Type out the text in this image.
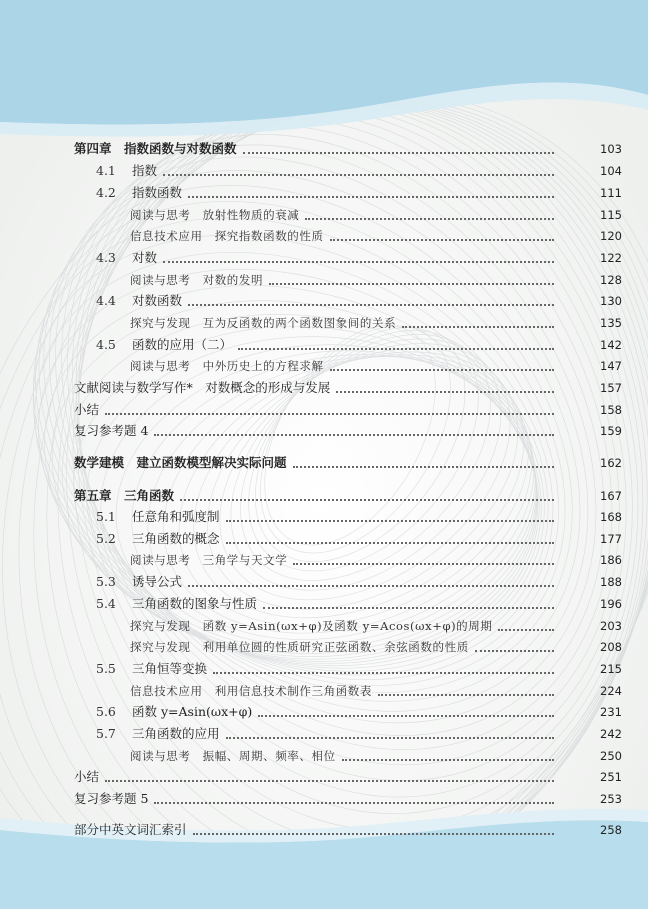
第四章　指数函数与对数函数	103
4.1	指数	104
4.2	指数函数	111
阅读与思考　放射性物质的衰减	115
信息技术应用　探究指数函数的性质	120
4.3	对数	122
阅读与思考　对数的发明	128
4.4	对数函数	130
探究与发现　互为反函数的两个函数图象间的关系	135
4.5	函数的应用（二）	142
阅读与思考　中外历史上的方程求解	147
文献阅读与数学写作*　对数概念的形成与发展	157
小结	158
复习参考题 4	159
数学建模　建立函数模型解决实际问题	162
第五章　三角函数	167
5.1	任意角和弧度制	168
5.2	三角函数的概念	177
阅读与思考　三角学与天文学	186
5.3	诱导公式	188
5.4	三角函数的图象与性质	196
探究与发现　函数 y=Asin(ωx+φ)及函数 y=Acos(ωx+φ)的周期	203
探究与发现　利用单位圆的性质研究正弦函数、余弦函数的性质	208
5.5	三角恒等变换	215
信息技术应用　利用信息技术制作三角函数表	224
5.6	函数 y=Asin(ωx+φ)	231
5.7	三角函数的应用	242
阅读与思考　振幅、周期、频率、相位	250
小结	251
复习参考题 5	253
部分中英文词汇索引	258
